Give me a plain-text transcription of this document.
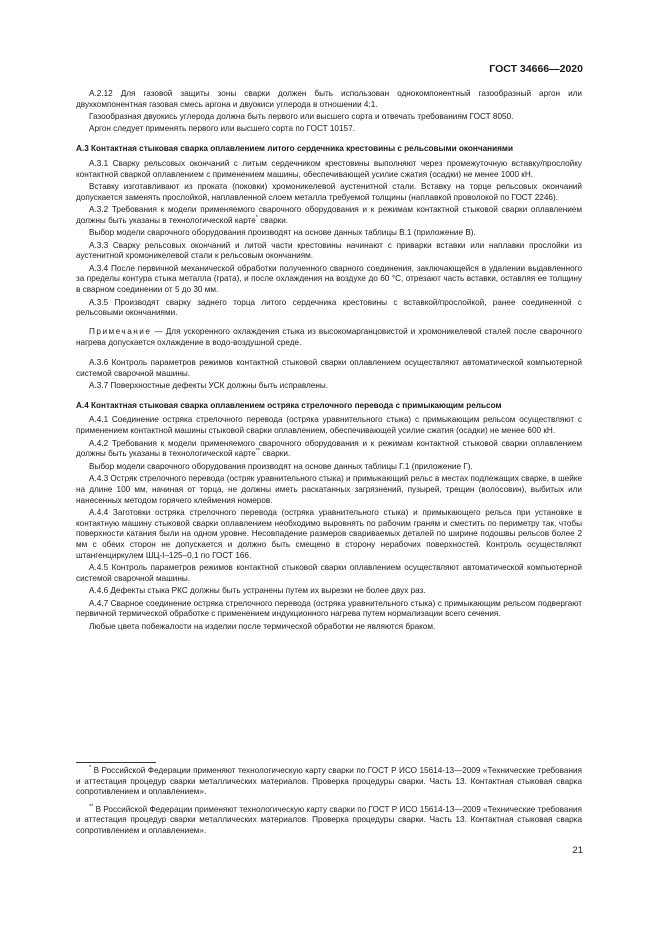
ГОСТ 34666—2020

А.2.12 Для газовой защиты зоны сварки должен быть использован однокомпонентный газообразный аргон или двухкомпонентная газовая смесь аргона и двуокиси углерода в отношении 4:1.

Газообразная двуокись углерода должна быть первого или высшего сорта и отвечать требованиям ГОСТ 8050.

Аргон следует применять первого или высшего сорта по ГОСТ 10157.

А.3 Контактная стыковая сварка оплавлением литого сердечника крестовины с рельсовыми окончаниями

А.3.1 Сварку рельсовых окончаний с литым сердечником крестовины выполняют через промежуточную вставку/прослойку контактной сваркой оплавлением с применением машины, обеспечивающей усилие сжатия (осадки) не менее 1000 кН.

Вставку изготавливают из проката (поковки) хромоникелевой аустенитной стали. Вставку на торце рельсовых окончаний допускается заменять прослойкой, наплавленной слоем металла требуемой толщины (наплавкой проволокой по ГОСТ 2246).

А.3.2 Требования к модели применяемого сварочного оборудования и к режимам контактной стыковой сварки оплавлением должны быть указаны в технологической карте* сварки.

Выбор модели сварочного оборудования производят на основе данных таблицы В.1 (приложение В).

А.3.3 Сварку рельсовых окончаний и литой части крестовины начинают с приварки вставки или наплавки прослойки из аустенитной хромоникелевой стали к рельсовым окончаниям.

А.3.4 После первичной механической обработки полученного сварного соединения, заключающейся в удалении выдавленного за пределы контура стыка металла (грата), и после охлаждения на воздухе до 60 °С, отрезают часть вставки, оставляя ее толщину в сварном соединении от 5 до 30 мм.

А.3.5 Производят сварку заднего торца литого сердечника крестовины с вставкой/прослойкой, ранее соединенной с рельсовыми окончаниями.

Примечание — Для ускоренного охлаждения стыка из высокомарганцовистой и хромоникелевой сталей после сварочного нагрева допускается охлаждение в водо-воздушной среде.

А.3.6 Контроль параметров режимов контактной стыковой сварки оплавлением осуществляют автоматической компьютерной системой сварочной машины.

А.3.7 Поверхностные дефекты УСК должны быть исправлены.

А.4 Контактная стыковая сварка оплавлением остряка стрелочного перевода с примыкающим рельсом

А.4.1 Соединение остряка стрелочного перевода (остряка уравнительного стыка) с примыкающим рельсом осуществляют с применением контактной машины стыковой сварки оплавлением, обеспечивающей усилие сжатия (осадки) не менее 600 кН.

А.4.2 Требования к модели применяемого сварочного оборудования и к режимам контактной стыковой сварки оплавлением должны быть указаны в технологической карте** сварки.

Выбор модели сварочного оборудования производят на основе данных таблицы Г.1 (приложение Г).

А.4.3 Остряк стрелочного перевода (остряк уравнительного стыка) и примыкающий рельс в местах подлежащих сварке, в шейке на длине 100 мм, начиная от торца, не должны иметь раскатанных загрязнений, пузырей, трещин (волосовин), выбитых или нанесенных методом горячего клеймения номеров.

А.4.4 Заготовки остряка стрелочного перевода (остряка уравнительного стыка) и примыкающего рельса при установке в контактную машину стыковой сварки оплавлением необходимо выровнять по рабочим граням и сместить по периметру так, чтобы поверхности катания были на одном уровне. Несовпадение размеров свариваемых деталей по ширине подошвы рельсов более 2 мм с обеих сторон не допускается и должно быть смещено в сторону нерабочих поверхностей. Контроль осуществляют штангенциркулем ШЦ-I–125–0,1 по ГОСТ 166.

А.4.5 Контроль параметров режимов контактной стыковой сварки оплавлением осуществляют автоматической компьютерной системой сварочной машины.

А.4.6 Дефекты стыка РКС должны быть устранены путем их вырезки не более двух раз.

А.4.7 Сварное соединение остряка стрелочного перевода (остряка уравнительного стыка) с примыкающим рельсом подвергают первичной термической обработке с применением индукционного нагрева путем нормализации всего сечения.

Любые цвета побежалости на изделии после термической обработки не являются браком.

* В Российской Федерации применяют технологическую карту сварки по ГОСТ Р ИСО 15614-13—2009 «Технические требования и аттестация процедур сварки металлических материалов. Проверка процедуры сварки. Часть 13. Контактная стыковая сварка сопротивлением и оплавлением».

** В Российской Федерации применяют технологическую карту сварки по ГОСТ Р ИСО 15614-13—2009 «Технические требования и аттестация процедур сварки металлических материалов. Проверка процедуры сварки. Часть 13. Контактная стыковая сварка сопротивлением и оплавлением».

21
